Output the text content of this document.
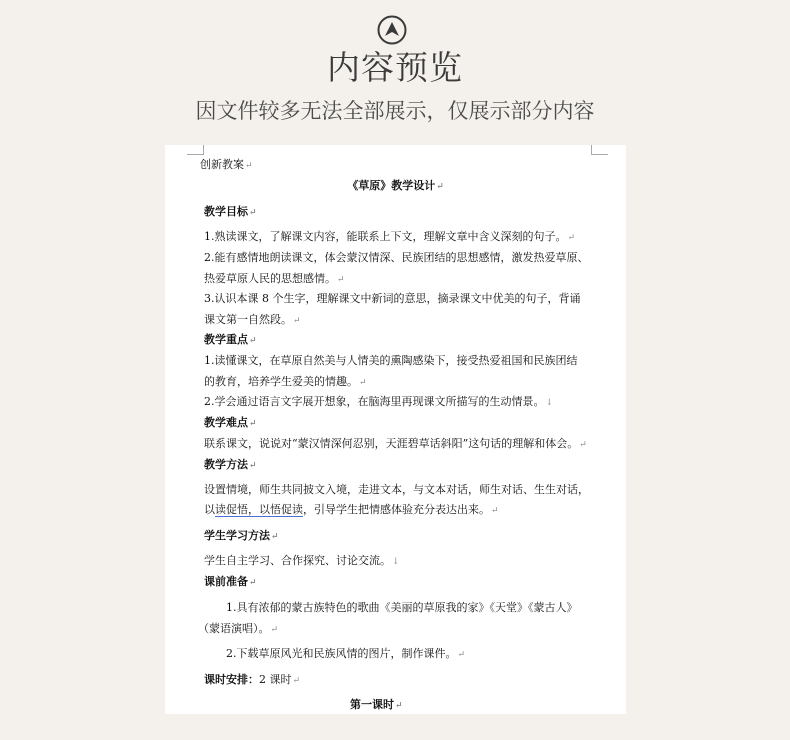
内容预览
因文件较多无法全部展示，仅展示部分内容
创新教案↵
《草原》教学设计↵
教学目标↵
1.熟读课文，了解课文内容，能联系上下文，理解文章中含义深刻的句子。↵
2.能有感情地朗读课文，体会蒙汉情深、民族团结的思想感情，激发热爱草原、
热爱草原人民的思想感情。↵
3.认识本课 8 个生字，理解课文中新词的意思，摘录课文中优美的句子，背诵
课文第一自然段。↵
教学重点↵
1.读懂课文，在草原自然美与人情美的熏陶感染下，接受热爱祖国和民族团结
的教育，培养学生爱美的情趣。↵
2.学会通过语言文字展开想象，在脑海里再现课文所描写的生动情景。↓
教学难点↵
联系课文，说说对“蒙汉情深何忍别，天涯碧草话斜阳”这句话的理解和体会。↵
教学方法↵
设置情境，师生共同披文入境，走进文本，与文本对话，师生对话、生生对话，
以读促悟，以悟促读，引导学生把情感体验充分表达出来。↵
学生学习方法↵
学生自主学习、合作探究、讨论交流。↓
课前准备↵
1.具有浓郁的蒙古族特色的歌曲《美丽的草原我的家》《天堂》《蒙古人》
（蒙语演唱）。↵
2.下载草原风光和民族风情的图片，制作课件。↵
课时安排：2 课时↵
第一课时↵
